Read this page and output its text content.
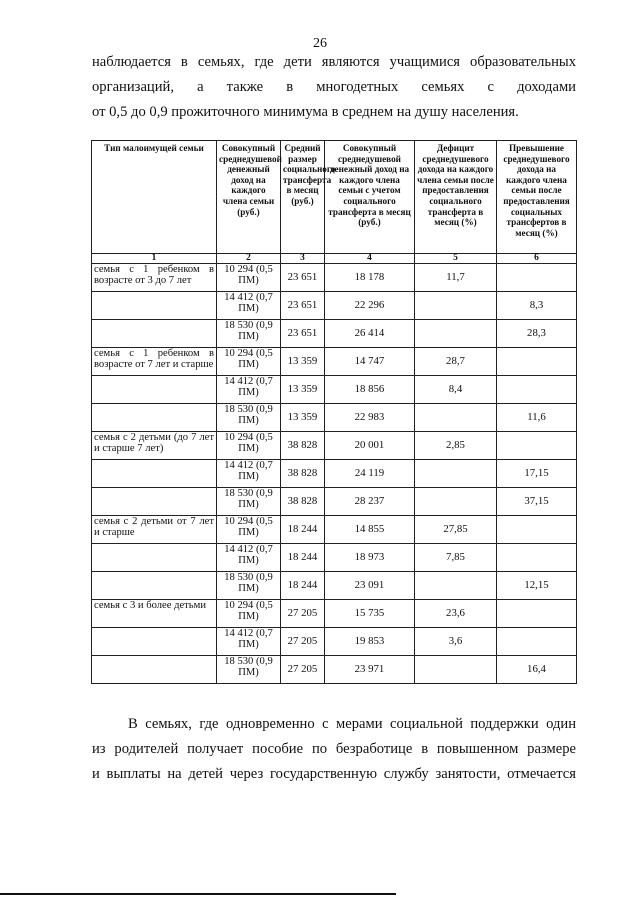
26
наблюдается в семьях, где дети являются учащимися образовательных
организаций, а также в многодетных семьях с доходами
от 0,5 до 0,9 прожиточного минимума в среднем на душу населения.
Тип малоимущей семьи	Совокупный среднедушевой денежный доход на каждого члена семьи (руб.)	Средний размер социального трансферта в месяц (руб.)	Совокупный среднедушевой денежный доход на каждого члена семьи с учетом социального трансферта в месяц (руб.)	Дефицит среднедушевого дохода на каждого члена семьи после предоставления социального трансферта в месяц (%)	Превышение среднедушевого дохода на каждого члена семьи после предоставления социальных трансфертов в месяц (%)
1	2	3	4	5	6
семья с 1 ребенком в возрасте от 3 до 7 лет	10 294 (0,5 ПМ)	23 651	18 178	11,7	
	14 412 (0,7 ПМ)	23 651	22 296		8,3
	18 530 (0,9 ПМ)	23 651	26 414		28,3
семья с 1 ребенком в возрасте от 7 лет и старше	10 294 (0,5 ПМ)	13 359	14 747	28,7	
	14 412 (0,7 ПМ)	13 359	18 856	8,4	
	18 530 (0,9 ПМ)	13 359	22 983		11,6
семья с 2 детьми (до 7 лет и старше 7 лет)	10 294 (0,5 ПМ)	38 828	20 001	2,85	
	14 412 (0,7 ПМ)	38 828	24 119		17,15
	18 530 (0,9 ПМ)	38 828	28 237		37,15
семья с 2 детьми от 7 лет и старше	10 294 (0,5 ПМ)	18 244	14 855	27,85	
	14 412 (0,7 ПМ)	18 244	18 973	7,85	
	18 530 (0,9 ПМ)	18 244	23 091		12,15
семья с 3 и более детьми	10 294 (0,5 ПМ)	27 205	15 735	23,6	
	14 412 (0,7 ПМ)	27 205	19 853	3,6	
	18 530 (0,9 ПМ)	27 205	23 971		16,4
В семьях, где одновременно с мерами социальной поддержки один
из родителей получает пособие по безработице в повышенном размере
и выплаты на детей через государственную службу занятости, отмечается
